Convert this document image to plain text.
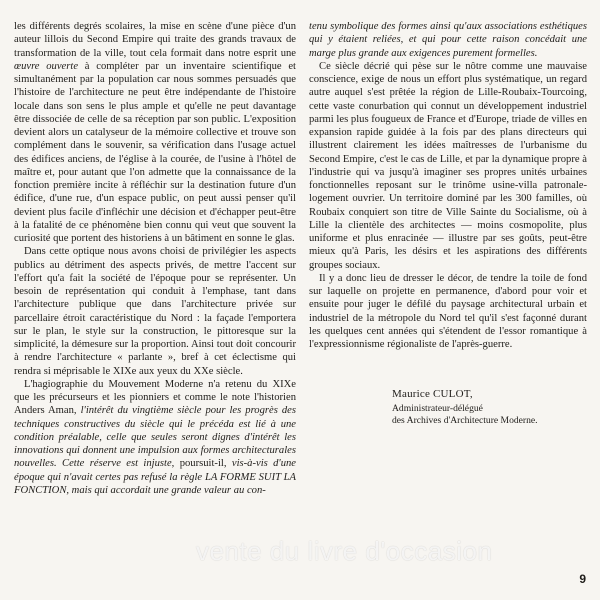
les différents degrés scolaires, la mise en scène d'une pièce d'un auteur lillois du Second Empire qui traite des grands travaux de transformation de la ville, tout cela formait dans notre esprit une œuvre ouverte à compléter par un inventaire scientifique et simultanément par la population car nous sommes persuadés que l'histoire de l'architecture ne peut être indépendante de l'histoire locale dans son sens le plus ample et qu'elle ne peut davantage être dissociée de celle de sa réception par son public. L'exposition devient alors un catalyseur de la mémoire collective et trouve son complément dans le souvenir, sa vérification dans l'usage actuel des édifices anciens, de l'église à la courée, de l'usine à l'hôtel de maître et, pour autant que l'on admette que la connaissance de la fonction première incite à réfléchir sur la destination future d'un édifice, d'une rue, d'un espace public, on peut aussi penser qu'il devient plus facile d'infléchir une décision et d'échapper peut-être à la fatalité de ce phénomène bien connu qui veut que souvent la curiosité que portent des historiens à un bâtiment en sonne le glas.

Dans cette optique nous avons choisi de privilégier les aspects publics au détriment des aspects privés, de mettre l'accent sur l'effort qu'a fait la société de l'époque pour se représenter. Un besoin de représentation qui conduit à l'emphase, tant dans l'architecture publique que dans l'architecture privée sur parcellaire étroit caractéristique du Nord : la façade l'emportera sur le plan, le style sur la construction, le pittoresque sur la simplicité, la démesure sur la proportion. Ainsi tout doit concourir à rendre l'architecture « parlante », bref à cet éclectisme qui rendra si méprisable le XIXe aux yeux du XXe siècle.

L'hagiographie du Mouvement Moderne n'a retenu du XIXe que les précurseurs et les pionniers et comme le note l'historien Anders Aman, l'intérêt du vingtième siècle pour les progrès des techniques constructives du siècle qui le précéda est lié à une condition préalable, celle que seules seront dignes d'intérêt les innovations qui donnent une impulsion aux formes architecturales nouvelles. Cette réserve est injuste, poursuit-il, vis-à-vis d'une époque qui n'avait certes pas refusé la règle LA FORME SUIT LA FONCTION, mais qui accordait une grande valeur au con-

tenu symbolique des formes ainsi qu'aux associations esthétiques qui y étaient reliées, et qui pour cette raison concédait une marge plus grande aux exigences purement formelles.

Ce siècle décrié qui pèse sur le nôtre comme une mauvaise conscience, exige de nous un effort plus systématique, un regard autre auquel s'est prêtée la région de Lille-Roubaix-Tourcoing, cette vaste conurbation qui connut un développement industriel parmi les plus fougueux de France et d'Europe, triade de villes en expansion rapide guidée à la fois par des plans directeurs qui illustrent clairement les idées maîtresses de l'urbanisme du Second Empire, c'est le cas de Lille, et par la dynamique propre à l'industrie qui va jusqu'à imaginer ses propres unités urbaines fonctionnelles reposant sur le trinôme usine-villa patronale-logement ouvrier. Un territoire dominé par les 300 familles, où Roubaix conquiert son titre de Ville Sainte du Socialisme, où à Lille la clientèle des architectes — moins cosmopolite, plus uniforme et plus enracinée — illustre par ses goûts, peut-être mieux qu'à Paris, les désirs et les aspirations des différents groupes sociaux.

Il y a donc lieu de dresser le décor, de tendre la toile de fond sur laquelle on projette en permanence, d'abord pour voir et ensuite pour juger le défilé du paysage architectural urbain et industriel de la métropole du Nord tel qu'il s'est façonné durant les quelques cent années qui s'étendent de l'essor romantique à l'expressionnisme régionaliste de l'après-guerre.

Maurice CULOT,
Administrateur-délégué
des Archives d'Architecture Moderne.
vente du livre d'occasion
9
